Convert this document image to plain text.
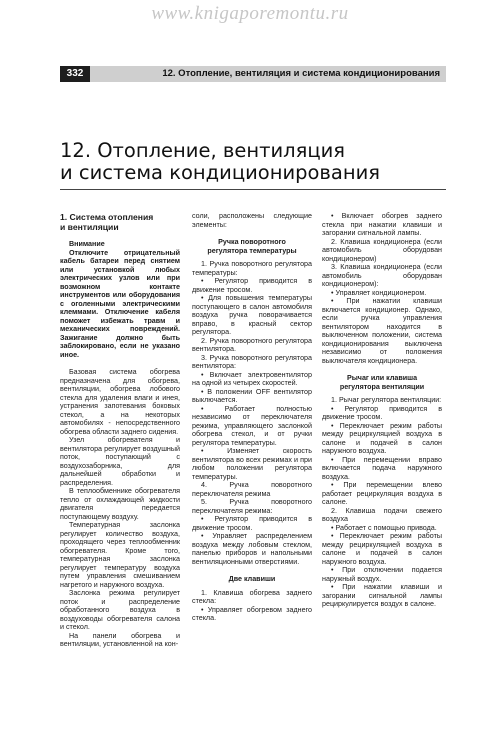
www.knigaporemontu.ru
332	12. Отопление, вентиляция и система кондиционирования
12. Отопление, вентиляция
и система кондиционирования
1. Система отопления
и вентиляции
Внимание

Отключите отрицательный кабель батареи перед снятием или установкой любых электрических узлов или при возможном контакте инструментов или оборудования с оголенными электрическими клеммами. Отключение кабеля поможет избежать травм и механических повреждений. Зажигание должно быть заблокировано, если не указано иное.

Базовая система обогрева предназначена для обогрева, вентиляции, обогрева лобового стекла для удаления влаги и инея, устранения запотевания боковых стекол, а на некоторых автомобилях - непосредственного обогрева области заднего сидения.

Узел обогревателя и вентилятора регулирует воздушный поток, поступающий с воздухозаборника, для дальнейшей обработки и распределения.

В теплообменнике обогревателя тепло от охлаждающей жидкости двигателя передается поступающему воздуху.

Температурная заслонка регулирует количество воздуха, проходящего через теплообменник обогревателя. Кроме того, температурная заслонка регулирует температуру воздуха путем управления смешиванием нагретого и наружного воздуха.

Заслонка режима регулирует поток и распределение обработанного воздуха в воздуховоды обогревателя салона и стекол.

На панели обогрева и вентиляции, установленной на кон-

соли, расположены следующие элементы:

Ручка поворотного
регулятора температуры

1. Ручка поворотного регулятора температуры:

• Регулятор приводится в движение тросом.

• Для повышения температуры поступающего в салон автомобиля воздуха ручка поворачивается вправо, в красный сектор регулятора.

2. Ручка поворотного регулятора вентилятора.

3. Ручка поворотного регулятора вентилятора:

• Включает электровентилятор на одной из четырех скоростей.

• В положении OFF вентилятор выключается.

• Работает полностью независимо от переключателя режима, управляющего заслонкой обогрева стекол, и от ручки регулятора температуры.

• Изменяет скорость вентилятора во всех режимах и при любом положении регулятора температуры.

4. Ручка поворотного переключателя режима

5. Ручка поворотного переключателя режима:

• Регулятор приводится в движение тросом.

• Управляет распределением воздуха между лобовым стеклом, панелью приборов и напольными вентиляционными отверстиями.

Две клавиши

1. Клавиша обогрева заднего стекла:

• Управляет обогревом заднего стекла.

• Включает обогрев заднего стекла при нажатии клавиши и загорании сигнальной лампы.

2. Клавиша кондиционера (если автомобиль оборудован кондиционером)

3. Клавиша кондиционера (если автомобиль оборудован кондиционером):

• Управляет кондиционером.

• При нажатии клавиши включается кондиционер. Однако, если ручка управления вентилятором находится в выключенном положении, система кондиционирования выключена независимо от положения выключателя кондиционера.

Рычаг или клавиша
регулятора вентиляции

1. Рычаг регулятора вентиляции:

• Регулятор приводится в движение тросом.

• Переключает режим работы между рециркуляцией воздуха в салоне и подачей в салон наружного воздуха.

• При перемещении вправо включается подача наружного воздуха.

• При перемещении влево работает рециркуляция воздуха в салоне.

2. Клавиша подачи свежего воздуха

• Работает с помощью привода.

• Переключает режим работы между рециркуляцией воздуха в салоне и подачей в салон наружного воздуха.

• При отключении подается наружный воздух.

• При нажатии клавиши и загорании сигнальной лампы рециркулируется воздух в салоне.
